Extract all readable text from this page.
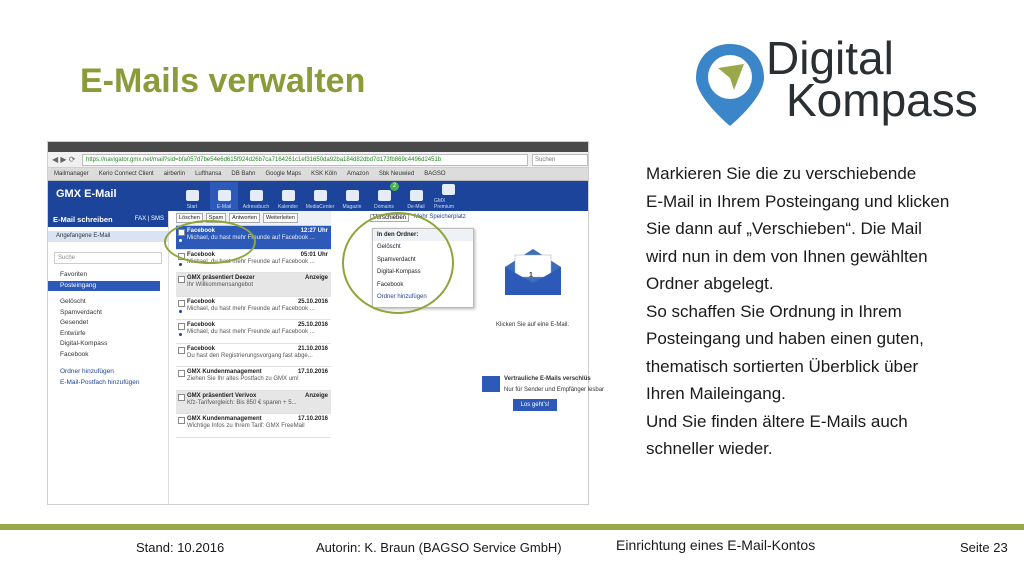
E-Mails verwalten	Digital
Kompass
Markieren Sie die zu verschiebende
E-Mail in Ihrem Posteingang und klicken
Sie dann auf „Verschieben“. Die Mail
wird nun in dem von Ihnen gewählten
Ordner abgelegt.
So schaffen Sie Ordnung in Ihrem
Posteingang und haben einen guten,
thematisch sortierten Überblick über
Ihren Maileingang.
Und Sie finden ältere E-Mails auch
schneller wieder.
◀ ▶ ⟳	https://navigator.gmx.net/mail?sid=bfa057d7be54e6d615f924d26b7ca7164261c1ef31650da92ba184d82dbd7d173fb869c4496d2451b	Suchen
Mailmanager Kerio Connect Client airberlin Lufthansa DB Bahn Google Maps KSK Köln Amazon Sbk Neuwied BAGSO
GMX E-Mail
Start	E-Mail Adressbuch Kalender MediaCenter Magazin	Domains	De-Mail
GMX Premium
2
E-Mail schreiben	FAX | SMS
Angefangene E-Mail
Suche
Favoriten
Posteingang
Gelöscht
Spamverdacht
Gesendet
Entwürfe
Digital-Kompass
Facebook
Ordner hinzufügen
E-Mail-Postfach hinzufügen
Löschen	Spam	Antworten	Weiterleiten
Facebook	12:27 Uhr
Michael, du hast mehr Freunde auf Facebook ...
Facebook	05:01 Uhr
Michael, du hast mehr Freunde auf Facebook ...
GMX präsentiert Deezer	Anzeige
Ihr Willkommensangebot
Facebook	25.10.2016
Michael, du hast mehr Freunde auf Facebook ...
Facebook	25.10.2016
Michael, du hast mehr Freunde auf Facebook ...
Facebook	21.10.2016
Du hast den Registrierungsvorgang fast abge...
GMX Kundenmanagement	17.10.2016
Ziehen Sie Ihr altes Postfach zu GMX um!
GMX präsentiert Verivox	Anzeige
Kfz-Tarifvergleich: Bis 850 € sparen + 5...
GMX Kundenmanagement	17.10.2016
Wichtige Infos zu Ihrem Tarif: GMX FreeMail
Verschieben	Mehr Speicherplatz
In den Ordner:
Gelöscht
Spamverdacht
Digital-Kompass
Facebook
Ordner hinzufügen
1
Klicken Sie auf eine E-Mail.
Vertrauliche E-Mails verschlüs
Nur für Sender und Empfänger lesbar
Los geht's!
Stand: 10.2016	Autorin: K. Braun (BAGSO Service GmbH)	Einrichtung eines E-Mail-Kontos	Seite 23
